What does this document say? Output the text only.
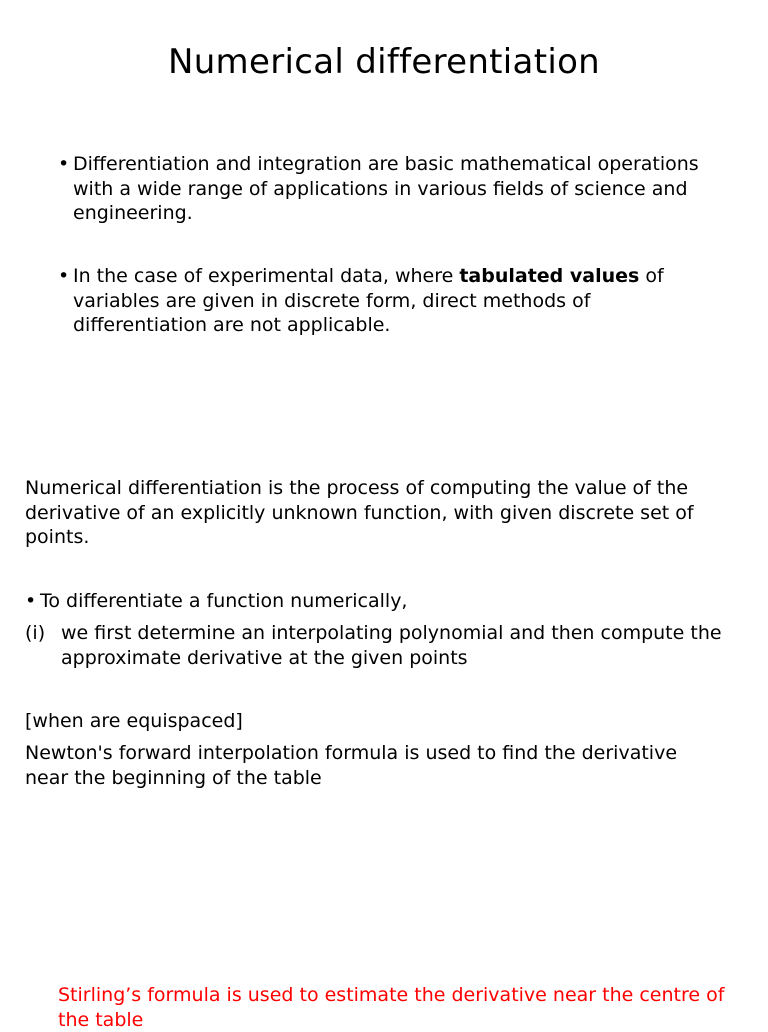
Numerical differentiation

• Differentiation and integration are basic mathematical operations with a wide range of applications in various fields of science and engineering.

• In the case of experimental data, where tabulated values of variables are given in discrete form, direct methods of differentiation are not applicable.

Numerical differentiation is the process of computing the value of the derivative of an explicitly unknown function, with given discrete set of points.

• To differentiate a function numerically,

(i) we first determine an interpolating polynomial and then compute the approximate derivative at the given points

[when are equispaced]

Newton's forward interpolation formula is used to find the derivative near the beginning of the table

Stirling’s formula is used to estimate the derivative near the centre of the table
